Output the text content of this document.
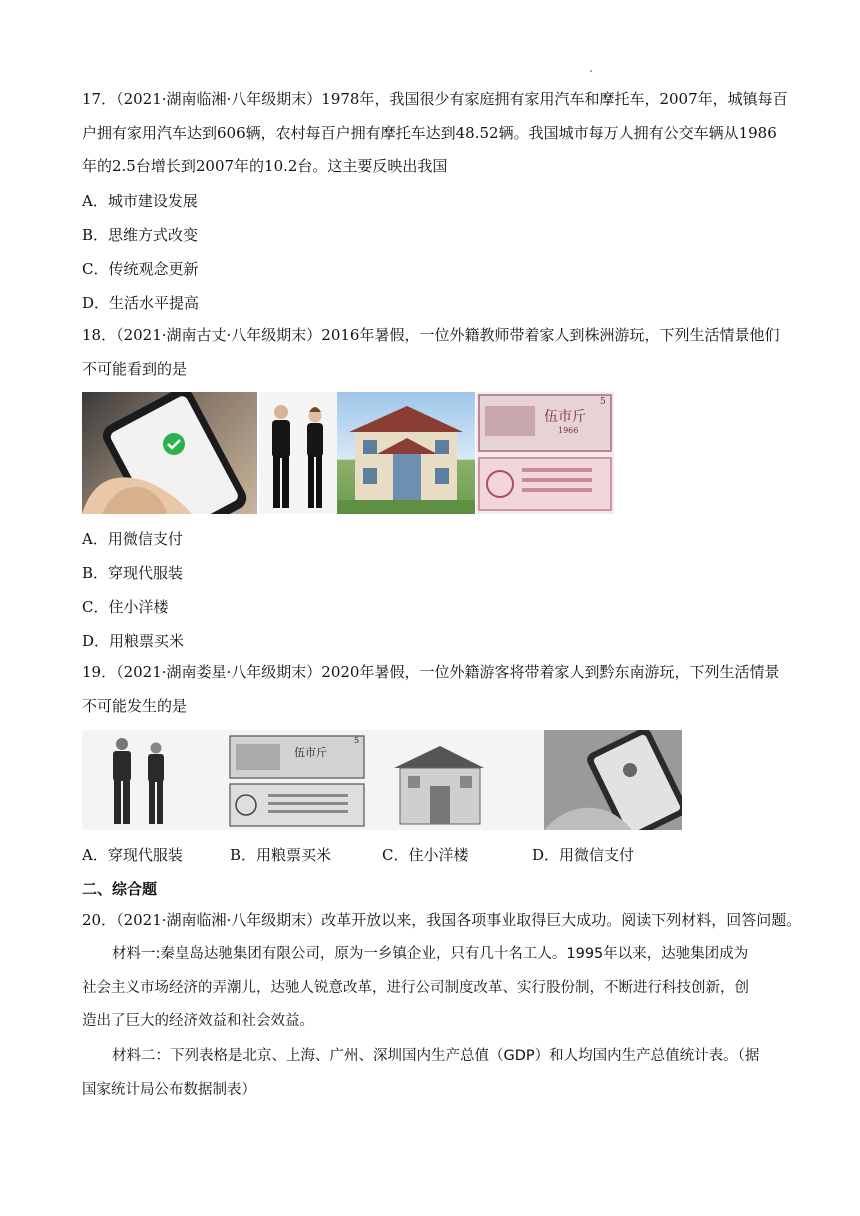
17．（2021·湖南临湘·八年级期末）1978年，我国很少有家庭拥有家用汽车和摩托车，2007年，城镇每百
户拥有家用汽车达到606辆，农村每百户拥有摩托车达到48.52辆。我国城市每万人拥有公交车辆从1986
年的2.5台增长到2007年的10.2台。这主要反映出我国
A．城市建设发展
B．思维方式改变
C．传统观念更新
D．生活水平提高
18．（2021·湖南古丈·八年级期末）2016年暑假，一位外籍教师带着家人到株洲游玩，下列生活情景他们
不可能看到的是
伍市斤
1966
5
A．用微信支付
B．穿现代服装
C．住小洋楼
D．用粮票买米
19．（2021·湖南娄星·八年级期末）2020年暑假，一位外籍游客将带着家人到黔东南游玩，下列生活情景
不可能发生的是
伍市斤
5
A．穿现代服装	B．用粮票买米	C．住小洋楼	D．用微信支付
二、综合题
20．（2021·湖南临湘·八年级期末）改革开放以来，我国各项事业取得巨大成功。阅读下列材料，回答问题。
材料一:秦皇岛达驰集团有限公司，原为一乡镇企业，只有几十名工人。1995年以来，达驰集团成为
社会主义市场经济的弄潮儿，达驰人锐意改革，进行公司制度改革、实行股份制，不断进行科技创新，创
造出了巨大的经济效益和社会效益。
材料二：下列表格是北京、上海、广州、深圳国内生产总值（GDP）和人均国内生产总值统计表。（据
国家统计局公布数据制表）
